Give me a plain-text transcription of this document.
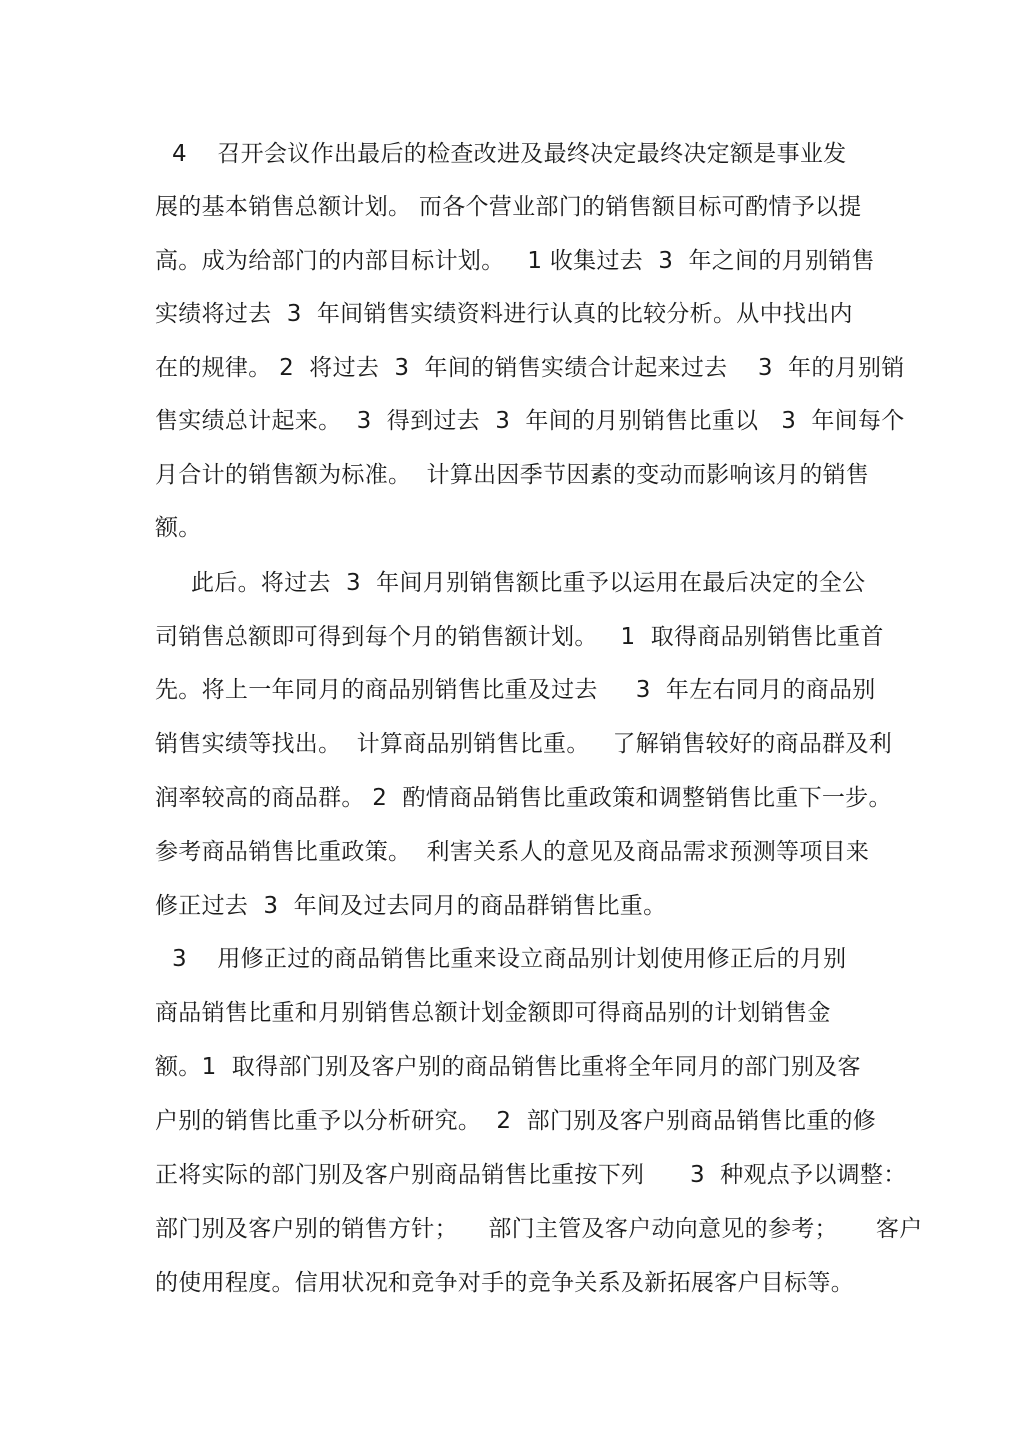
4    召开会议作出最后的检查改进及最终决定最终决定额是事业发
展的基本销售总额计划。 而各个营业部门的销售额目标可酌情予以提
高。成为给部门的内部目标计划。   1 收集过去  3  年之间的月别销售
实绩将过去  3  年间销售实绩资料进行认真的比较分析。从中找出内
在的规律。 2  将过去  3  年间的销售实绩合计起来过去    3  年的月别销
售实绩总计起来。  3  得到过去  3  年间的月别销售比重以   3  年间每个
月合计的销售额为标准。  计算出因季节因素的变动而影响该月的销售
额。
此后。将过去  3  年间月别销售额比重予以运用在最后决定的全公
司销售总额即可得到每个月的销售额计划。   1  取得商品别销售比重首
先。将上一年同月的商品别销售比重及过去     3  年左右同月的商品别
销售实绩等找出。  计算商品别销售比重。   了解销售较好的商品群及利
润率较高的商品群。 2  酌情商品销售比重政策和调整销售比重下一步。
参考商品销售比重政策。  利害关系人的意见及商品需求预测等项目来
修正过去  3  年间及过去同月的商品群销售比重。
3    用修正过的商品销售比重来设立商品别计划使用修正后的月别
商品销售比重和月别销售总额计划金额即可得商品别的计划销售金
额。1  取得部门别及客户别的商品销售比重将全年同月的部门别及客
户别的销售比重予以分析研究。  2  部门别及客户别商品销售比重的修
正将实际的部门别及客户别商品销售比重按下列      3  种观点予以调整：
部门别及客户别的销售方针；    部门主管及客户动向意见的参考；     客户
的使用程度。信用状况和竞争对手的竞争关系及新拓展客户目标等。
